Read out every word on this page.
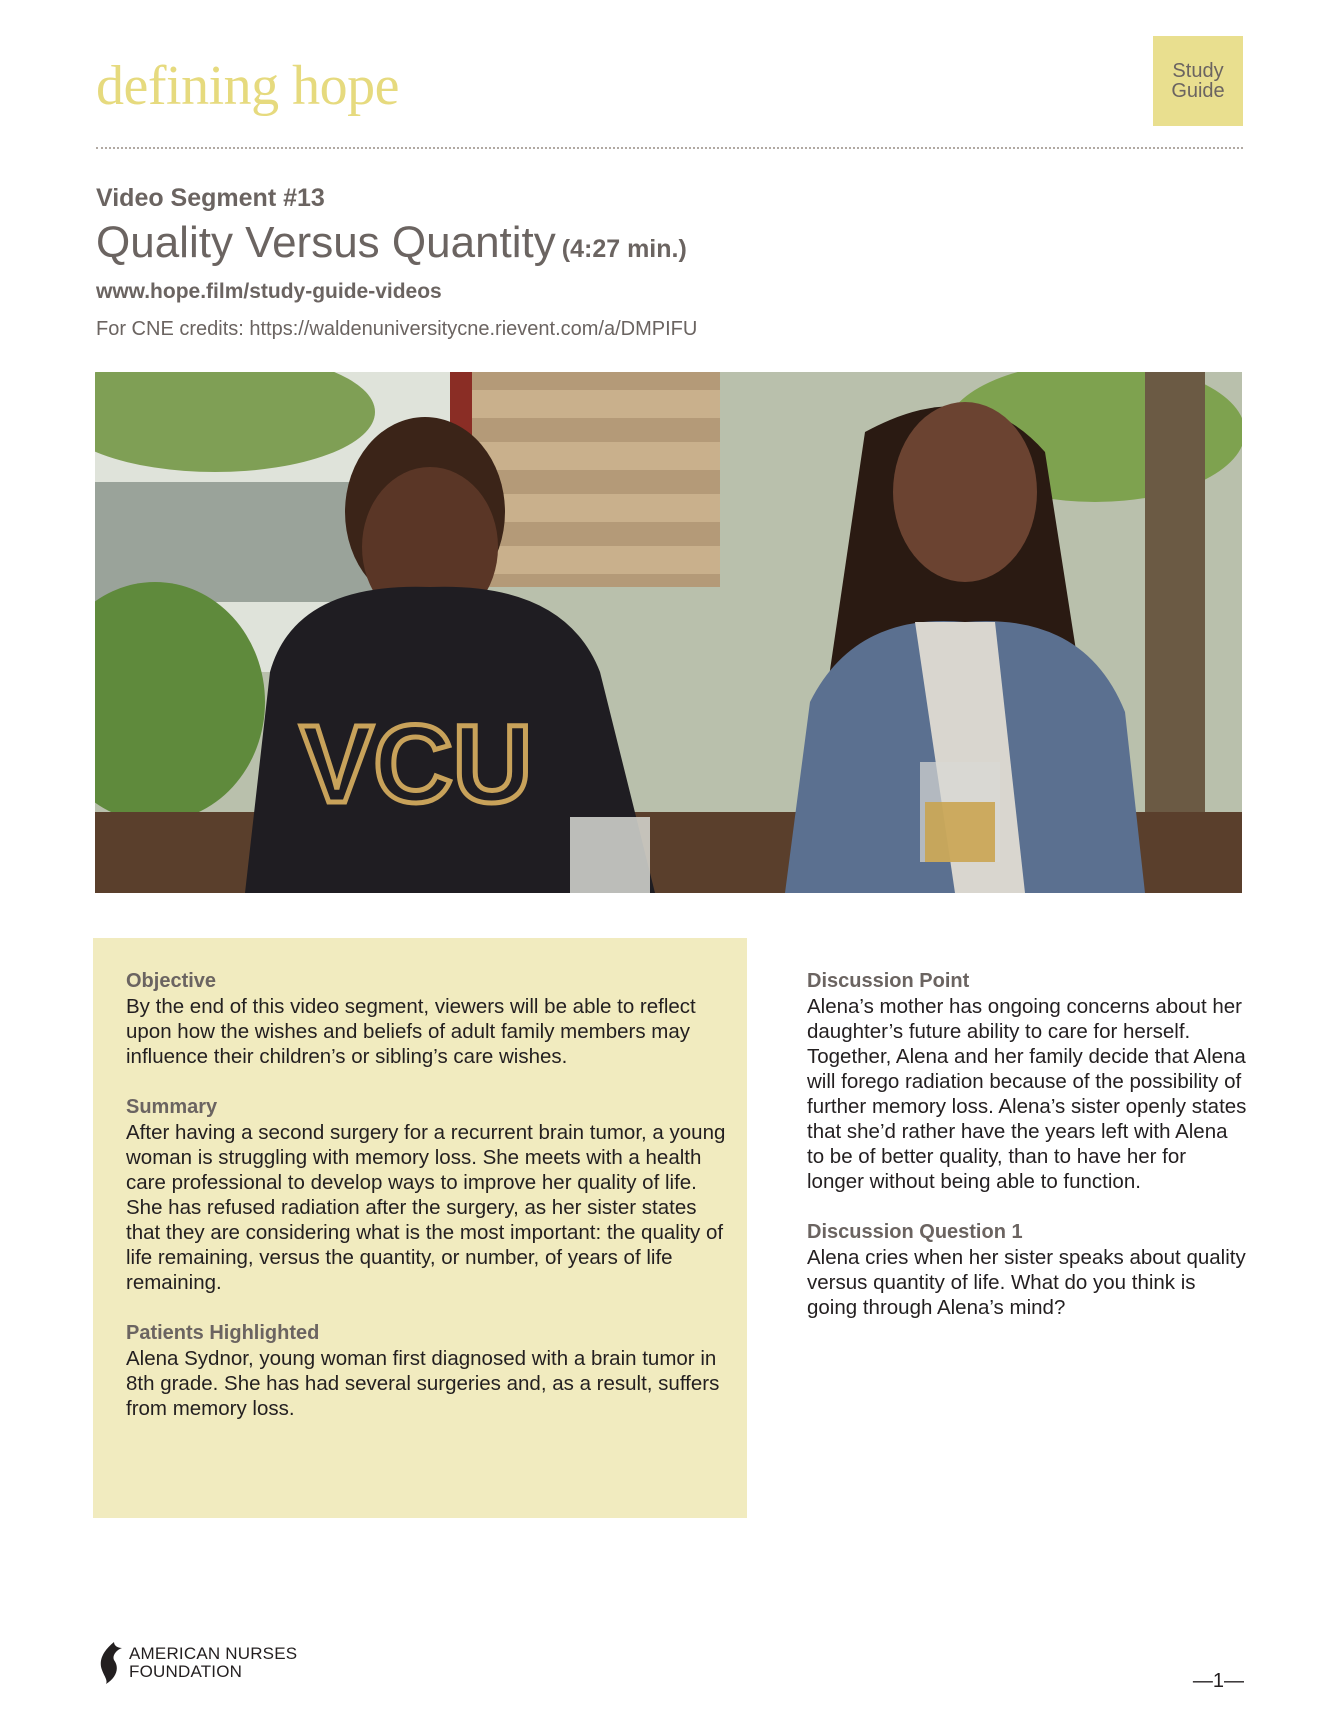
defining hope	Study
Guide
Video Segment #13
Quality Versus Quantity (4:27 min.)
www.hope.film/study-guide-videos
For CNE credits: https://waldenuniversitycne.rievent.com/a/DMPIFU
VCU
Objective

By the end of this video segment, viewers will be able to reflect upon how the wishes and beliefs of adult family members may influence their children’s or sibling’s care wishes.

Summary

After having a second surgery for a recurrent brain tumor, a young woman is struggling with memory loss. She meets with a health care professional to develop ways to improve her quality of life. She has refused radiation after the surgery, as her sister states that they are considering what is the most important: the quality of life remaining, versus the quantity, or number, of years of life remaining.

Patients Highlighted

Alena Sydnor, young woman first diagnosed with a brain tumor in 8th grade. She has had several surgeries and, as a result, suffers from memory loss.

Discussion Point

Alena’s mother has ongoing concerns about her daughter’s future ability to care for herself. Together, Alena and her family decide that Alena will forego radiation because of the possibility of further memory loss. Alena’s sister openly states that she’d rather have the years left with Alena to be of better quality, than to have her for longer without being able to function.

Discussion Question 1

Alena cries when her sister speaks about quality versus quantity of life. What do you think is going through Alena’s mind?

AMERICAN NURSES
FOUNDATION	—1—
